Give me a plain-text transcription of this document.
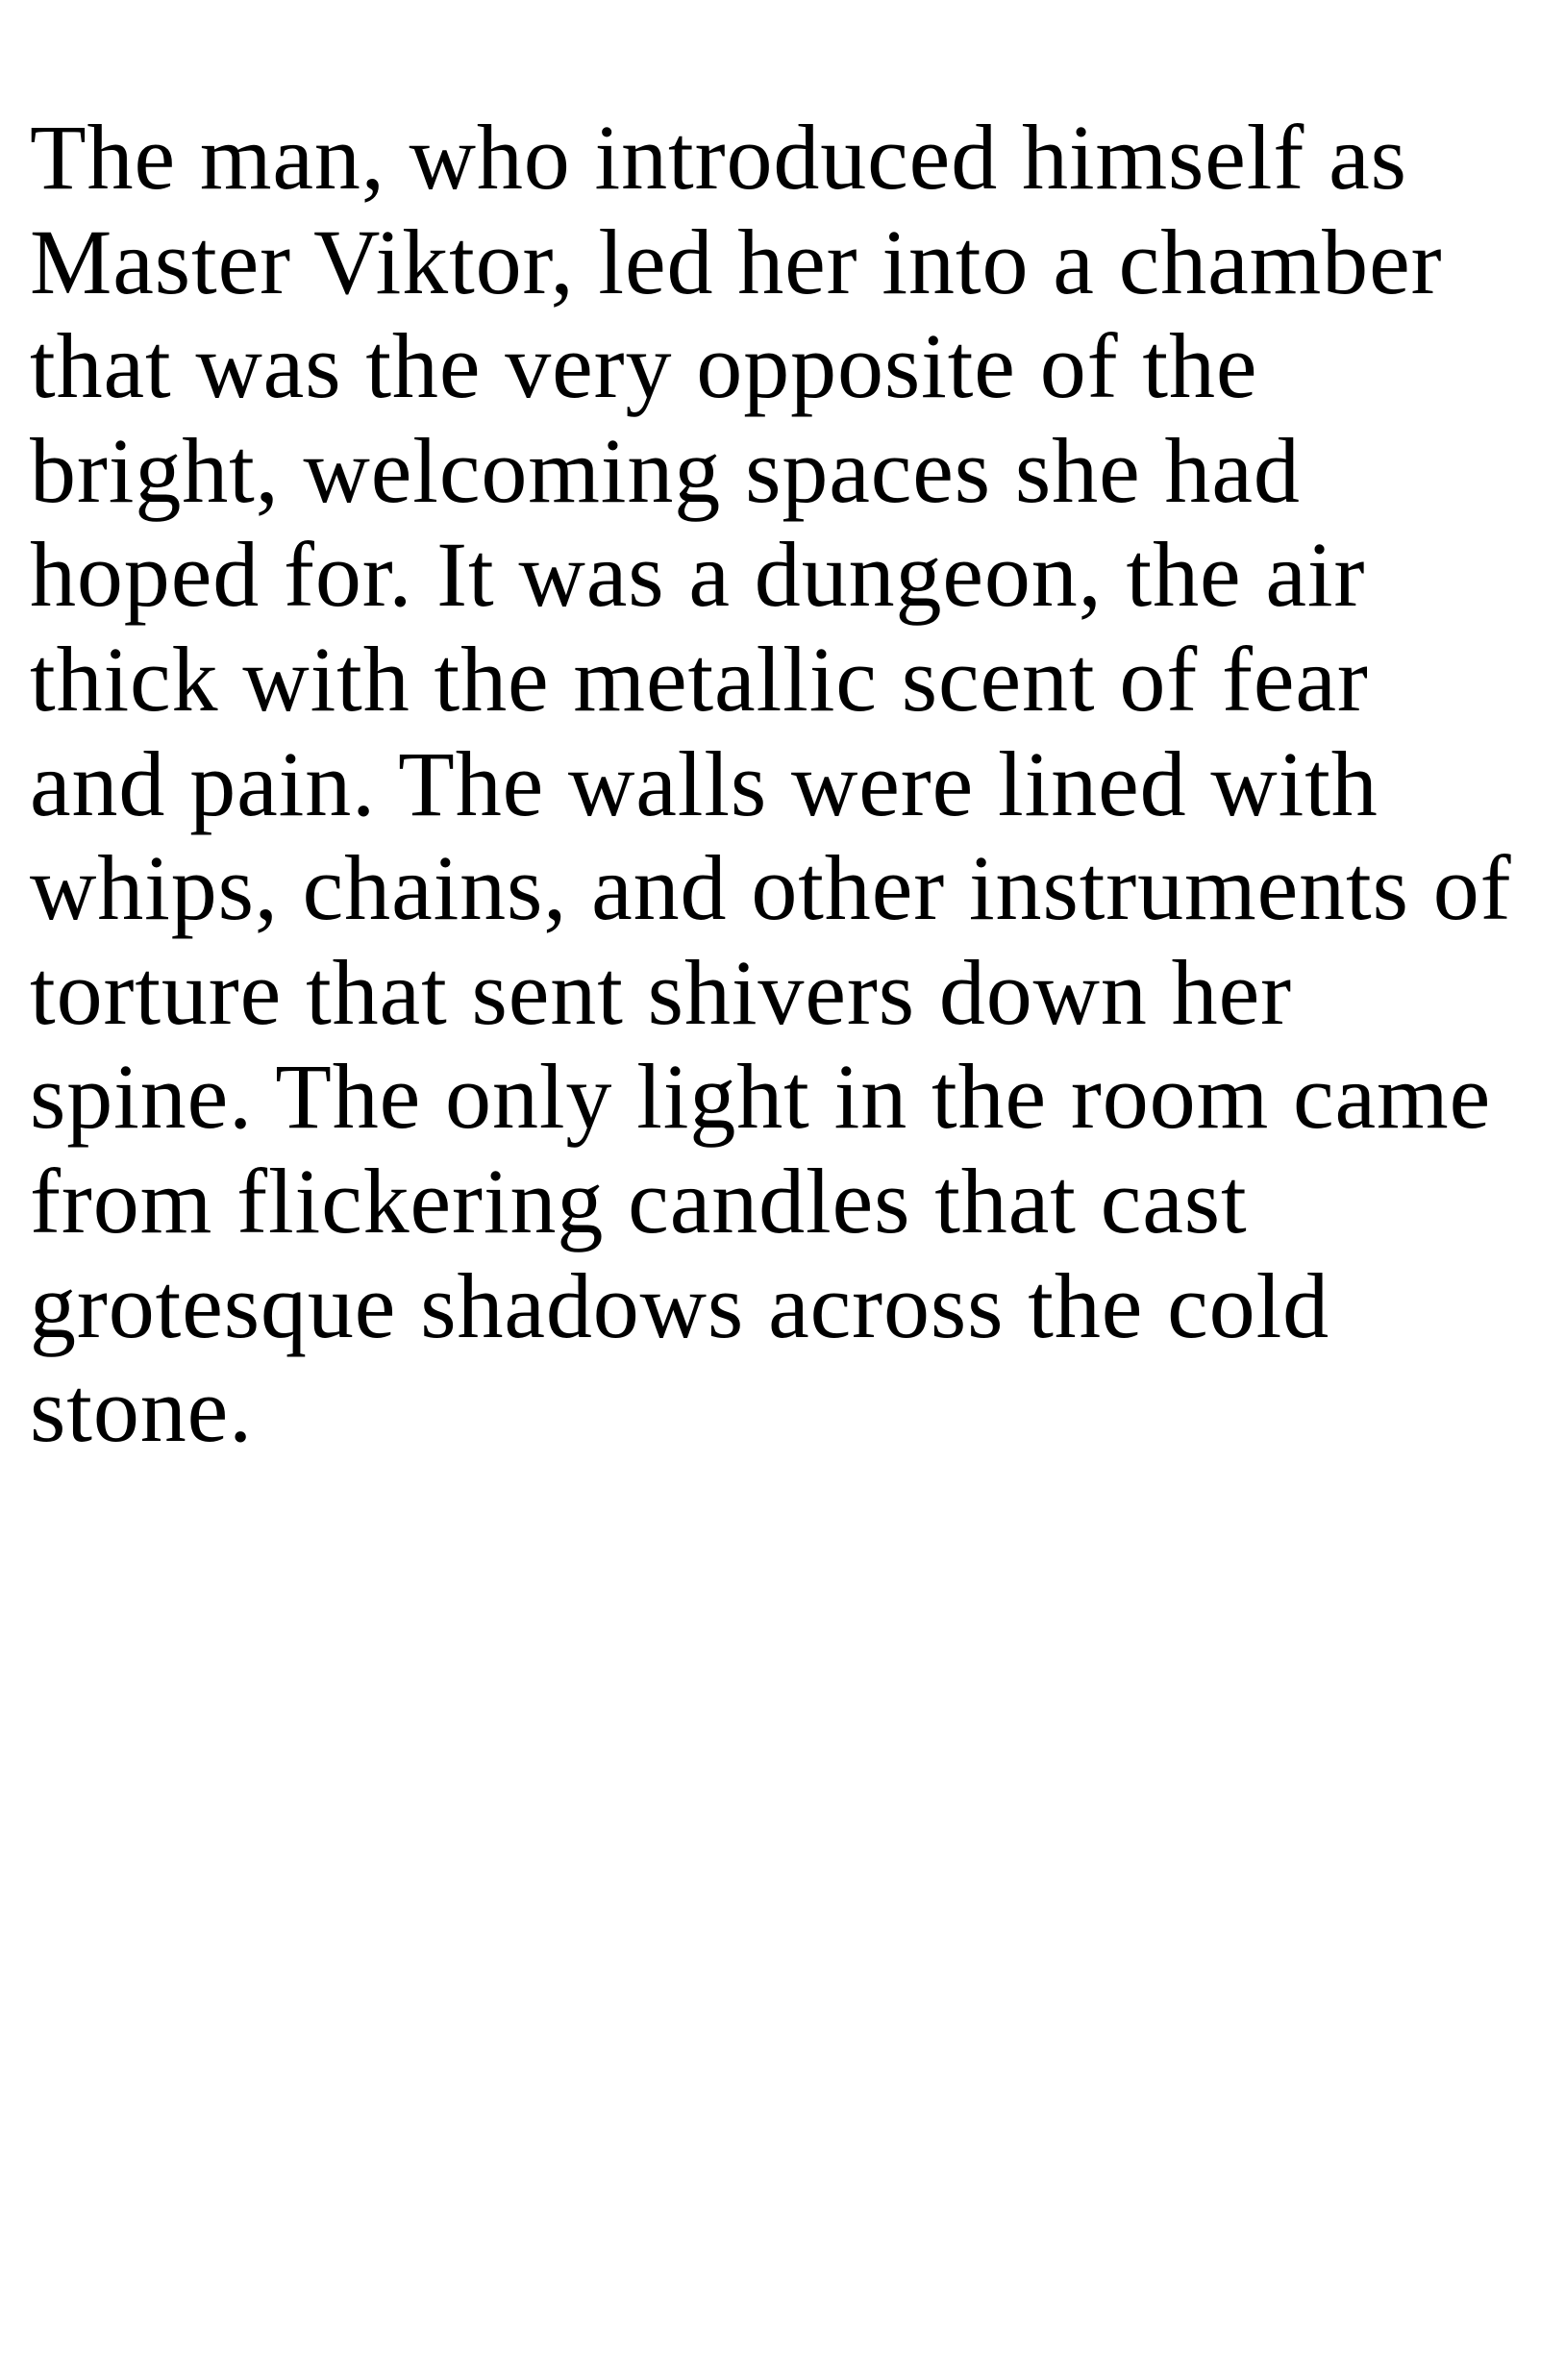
The man, who introduced himself as
Master Viktor, led her into a chamber
that was the very opposite of the
bright, welcoming spaces she had
hoped for. It was a dungeon, the air
thick with the metallic scent of fear
and pain. The walls were lined with
whips, chains, and other instruments of
torture that sent shivers down her
spine. The only light in the room came
from flickering candles that cast
grotesque shadows across the cold
stone.
